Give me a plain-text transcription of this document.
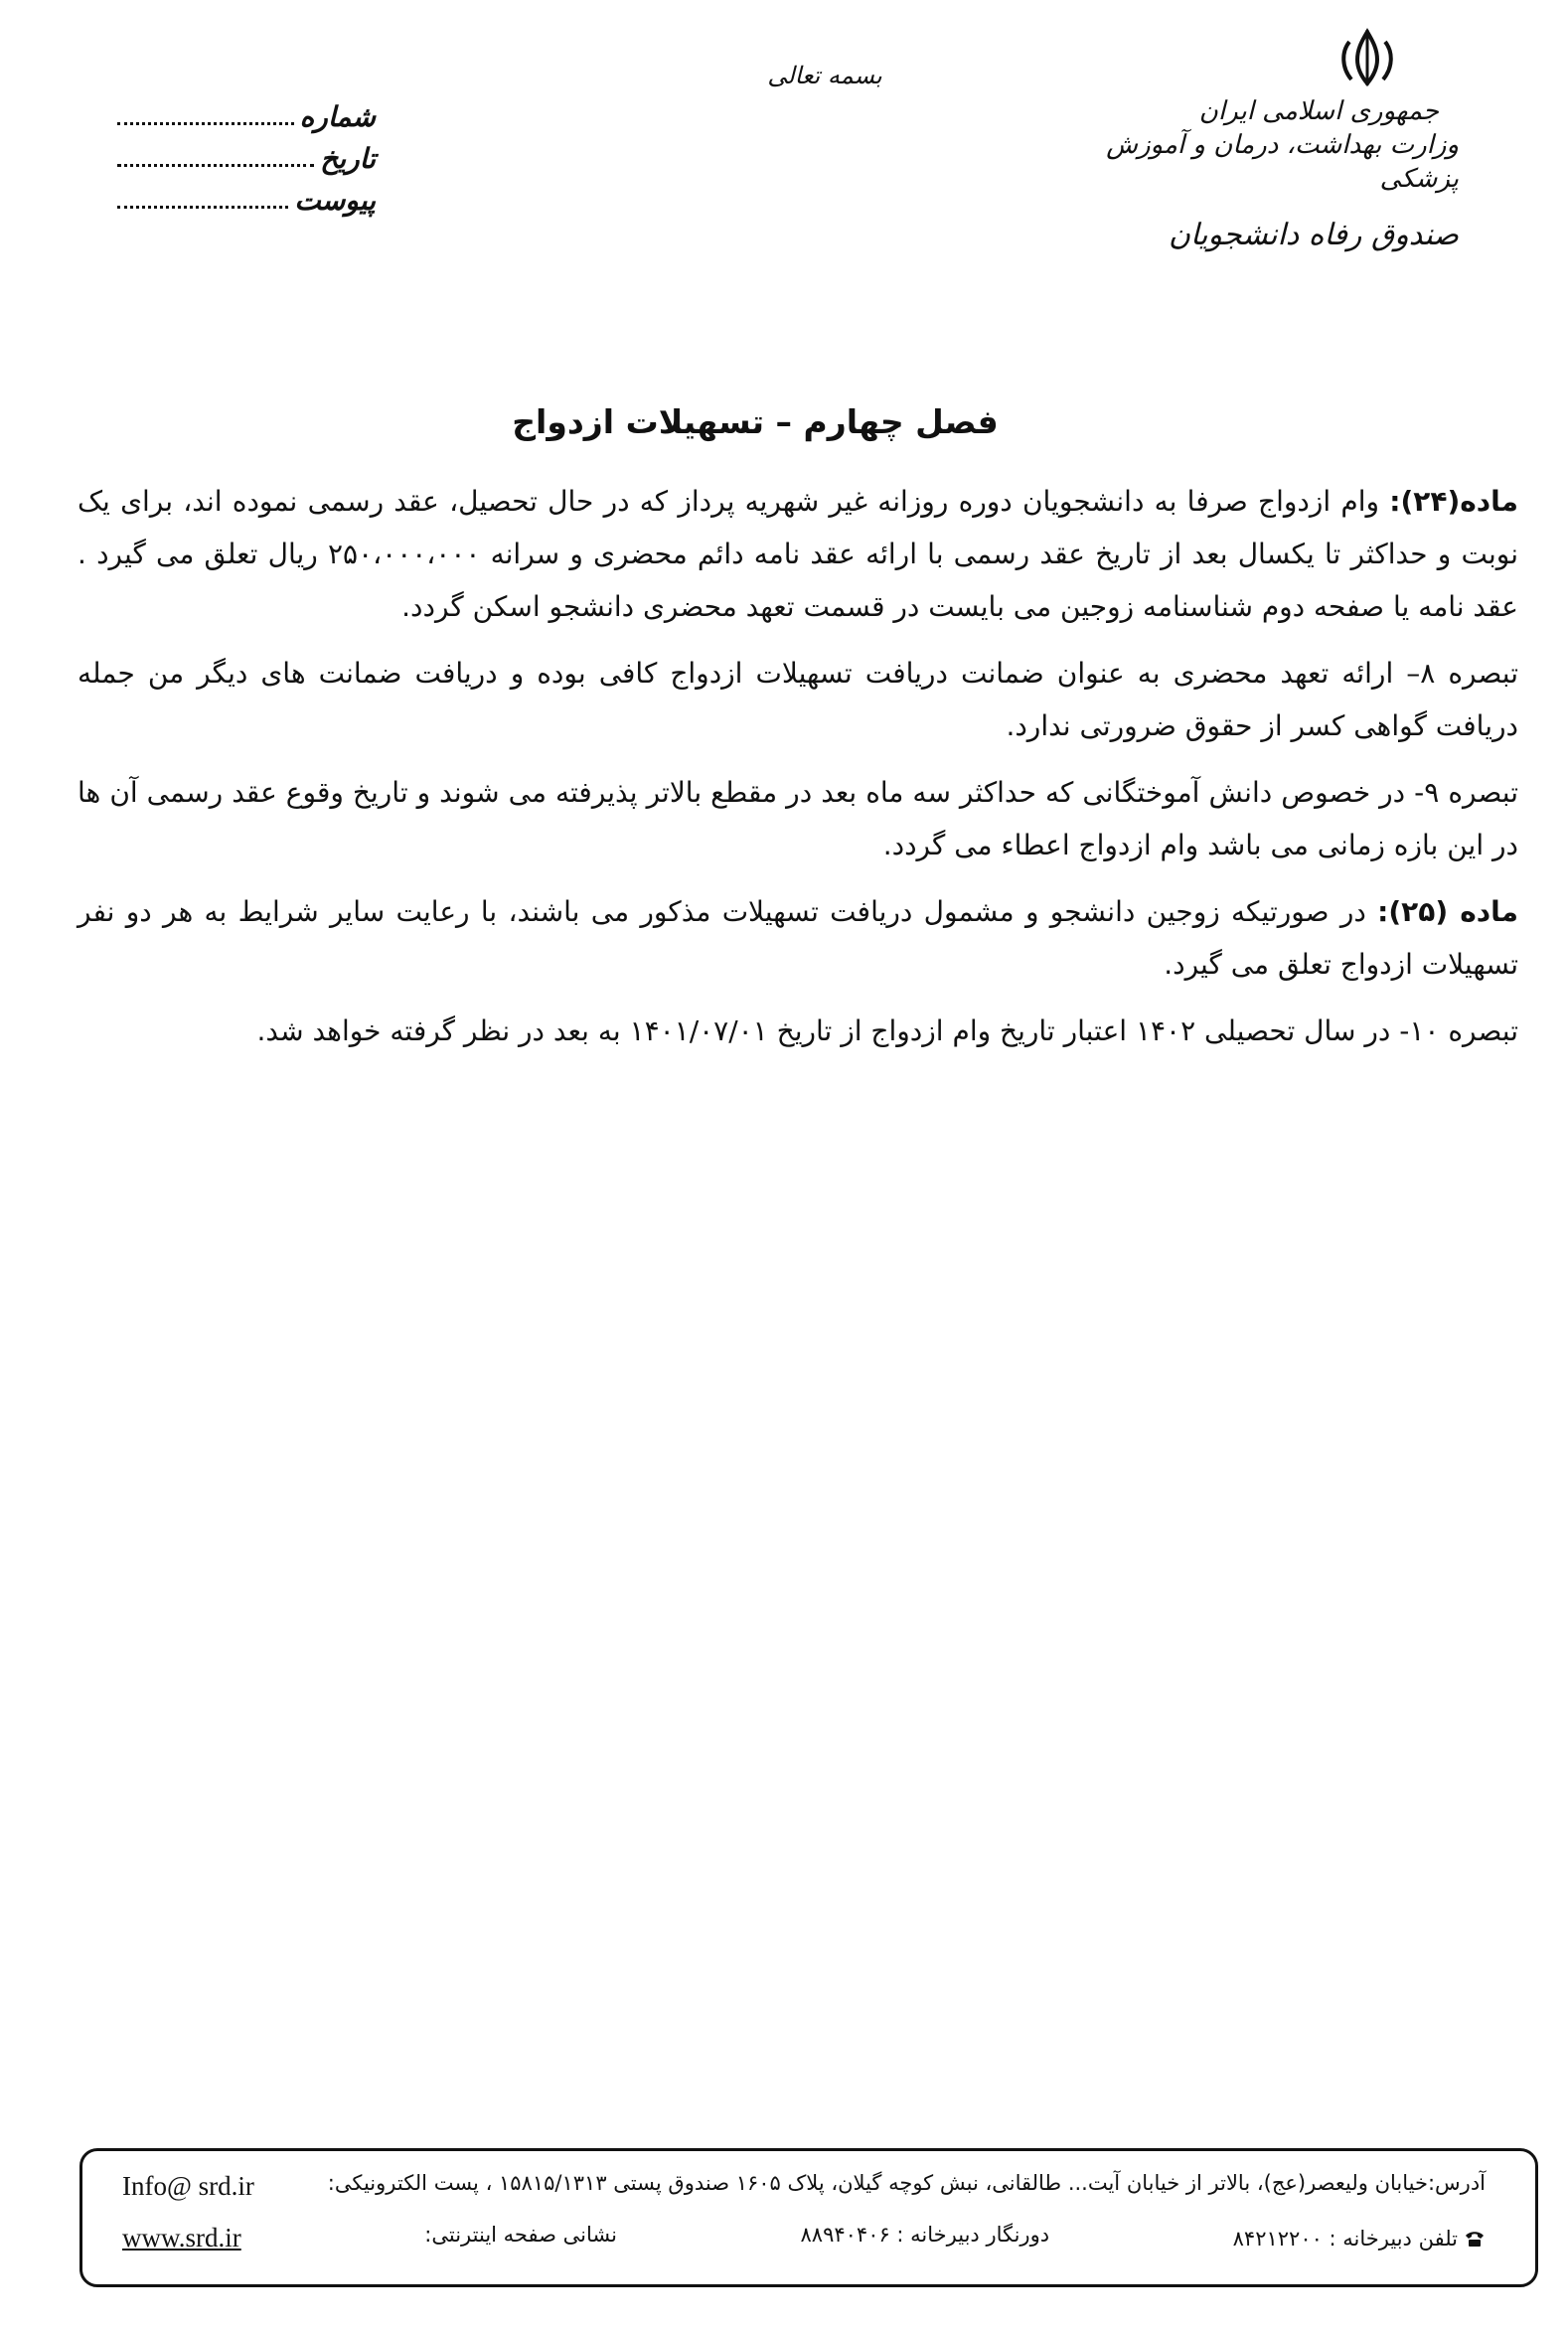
جمهوری اسلامی ایران
وزارت بهداشت، درمان و آموزش پزشکی
صندوق رفاه دانشجویان
بسمه تعالی
شماره
تاریخ
پیوست
فصل چهارم – تسهیلات ازدواج

ماده(۲۴): وام ازدواج صرفا به دانشجویان دوره روزانه غیر شهریه پرداز که در حال تحصیل، عقد رسمی نموده اند، برای یک نوبت و حداکثر تا یکسال بعد از تاریخ عقد رسمی با ارائه عقد نامه دائم محضری و سرانه ۲۵۰،۰۰۰،۰۰۰ ریال تعلق می گیرد . عقد نامه یا صفحه دوم شناسنامه زوجین می بایست در قسمت تعهد محضری دانشجو اسکن گردد.

تبصره ۸– ارائه تعهد محضری به عنوان ضمانت دریافت تسهیلات ازدواج کافی بوده و دریافت ضمانت های دیگر من جمله دریافت گواهی کسر از حقوق ضرورتی ندارد.

تبصره ۹- در خصوص دانش آموختگانی که حداکثر سه ماه بعد در مقطع بالاتر پذیرفته می شوند و تاریخ وقوع عقد رسمی آن ها در این بازه زمانی می باشد وام ازدواج اعطاء می گردد.

ماده (۲۵): در صورتیکه زوجین دانشجو و مشمول دریافت تسهیلات مذکور می باشند، با رعایت سایر شرایط به هر دو نفر تسهیلات ازدواج تعلق می گیرد.

تبصره ۱۰- در سال تحصیلی ۱۴۰۲ اعتبار تاریخ وام ازدواج از تاریخ ۱۴۰۱/۰۷/۰۱ به بعد در نظر گرفته خواهد شد.

آدرس:خیابان ولیعصر(عج)، بالاتر از خیابان آیت‌... طالقانی، نبش کوچه گیلان، پلاک ۱۶۰۵ صندوق پستی ۱۵۸۱۵/۱۳۱۳ ، پست الکترونیکی:
Info@ srd.ir
تلفن دبیرخانه : ۸۴۲۱۲۲۰۰
دورنگار دبیرخانه : ۸۸۹۴۰۴۰۶
نشانی صفحه اینترنتی:
www.srd.ir
